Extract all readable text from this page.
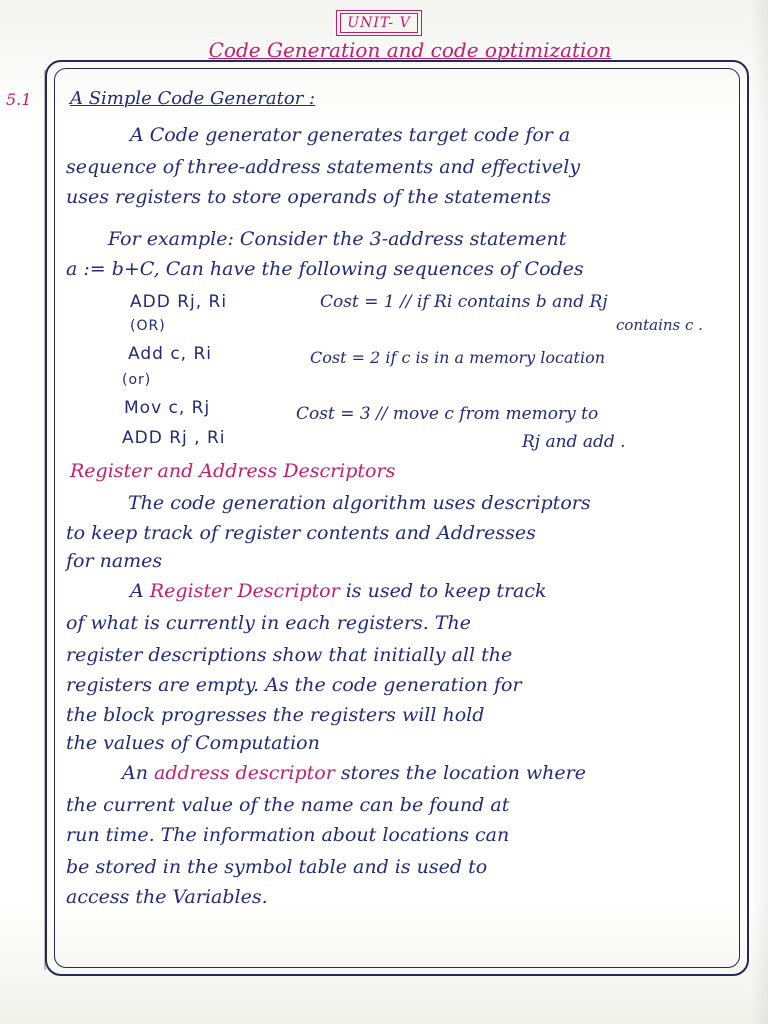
UNIT- V
Code Generation and code optimization
5.1 A Simple Code Generator :
A Code generator generates target code for a
sequence of three-address statements and effectively
uses registers to store operands of the statements
For example: Consider the 3-address statement
a := b+C, Can have the following sequences of Codes
ADD Rj, Ri	Cost = 1 // if Ri contains b and Rj
(OR)	contains c .
Add c, Ri	Cost = 2 if c is in a memory location
(or)
Mov c, Rj	Cost = 3 // move c from memory to
ADD Rj , Ri	Rj and add .
Register and Address Descriptors
The code generation algorithm uses descriptors
to keep track of register contents and Addresses
for names
A Register Descriptor is used to keep track
of what is currently in each registers. The
register descriptions show that initially all the
registers are empty. As the code generation for
the block progresses the registers will hold
the values of Computation
An address descriptor stores the location where
the current value of the name can be found at
run time. The information about locations can
be stored in the symbol table and is used to
access the Variables.
